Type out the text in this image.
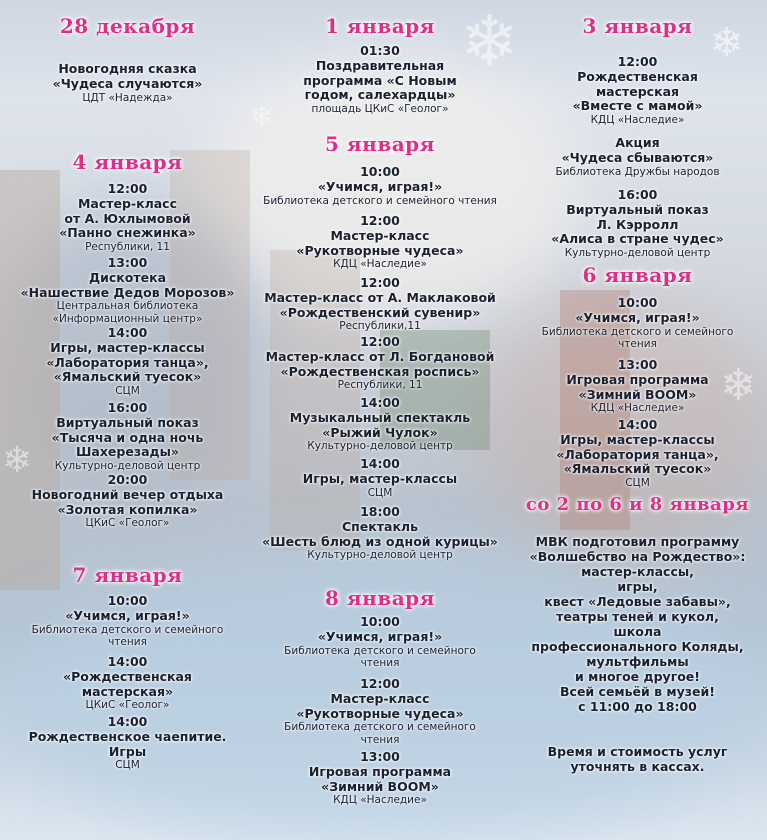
❄	❄
❄
❄
❄
28 декабря
Новогодняя сказка
«Чудеса случаются»
ЦДТ «Надежда»
4 января
12:00
Мастер-класс
от А. Юхлымовой
«Панно снежинка»
Республики, 11
13:00
Дискотека
«Нашествие Дедов Морозов»
Центральная библиотека
«Информационный центр»
14:00
Игры, мастер-классы
«Лаборатория танца»,
«Ямальский туесок»
СЦМ
16:00
Виртуальный показ
«Тысяча и одна ночь
Шахерезады»
Культурно-деловой центр
20:00
Новогодний вечер отдыха
«Золотая копилка»
ЦКиС «Геолог»
7 января
10:00
«Учимся, играя!»
Библиотека детского и семейного
чтения
14:00
«Рождественская
мастерская»
ЦКиС «Геолог»
14:00
Рождественское чаепитие.
Игры
СЦМ
1 января
01:30
Поздравительная
программа «С Новым
годом, салехардцы»
площадь ЦКиС «Геолог»
5 января
10:00
«Учимся, играя!»
Библиотека детского и семейного чтения
12:00
Мастер-класс
«Рукотворные чудеса»
КДЦ «Наследие»
12:00
Мастер-класс от А. Маклаковой
«Рождественский сувенир»
Республики,11
12:00
Мастер-класс от Л. Богдановой
«Рождественская роспись»
Республики, 11
14:00
Музыкальный спектакль
«Рыжий Чулок»
Культурно-деловой центр
14:00
Игры, мастер-классы
СЦМ
18:00
Спектакль
«Шесть блюд из одной курицы»
Культурно-деловой центр
8 января
10:00
«Учимся, играя!»
Библиотека детского и семейного
чтения
12:00
Мастер-класс
«Рукотворные чудеса»
Библиотека детского и семейного
чтения
13:00
Игровая программа
«Зимний BOOM»
КДЦ «Наследие»
3 января
12:00
Рождественская
мастерская
«Вместе с мамой»
КДЦ «Наследие»
Акция
«Чудеса сбываются»
Библиотека Дружбы народов
16:00
Виртуальный показ
Л. Кэрролл
«Алиса в стране чудес»
Культурно-деловой центр
6 января
10:00
«Учимся, играя!»
Библиотека детского и семейного
чтения
13:00
Игровая программа
«Зимний BOOM»
КДЦ «Наследие»
14:00
Игры, мастер-классы
«Лаборатория танца»,
«Ямальский туесок»
СЦМ
со 2 по 6 и 8 января
МВК подготовил программу
«Волшебство на Рождество»:
мастер-классы,
игры,
квест «Ледовые забавы»,
театры теней и кукол,
школа
профессионального Коляды,
мультфильмы
и многое другое!
Всей семьёй в музей!
с 11:00 до 18:00
Время и стоимость услуг
уточнять в кассах.
